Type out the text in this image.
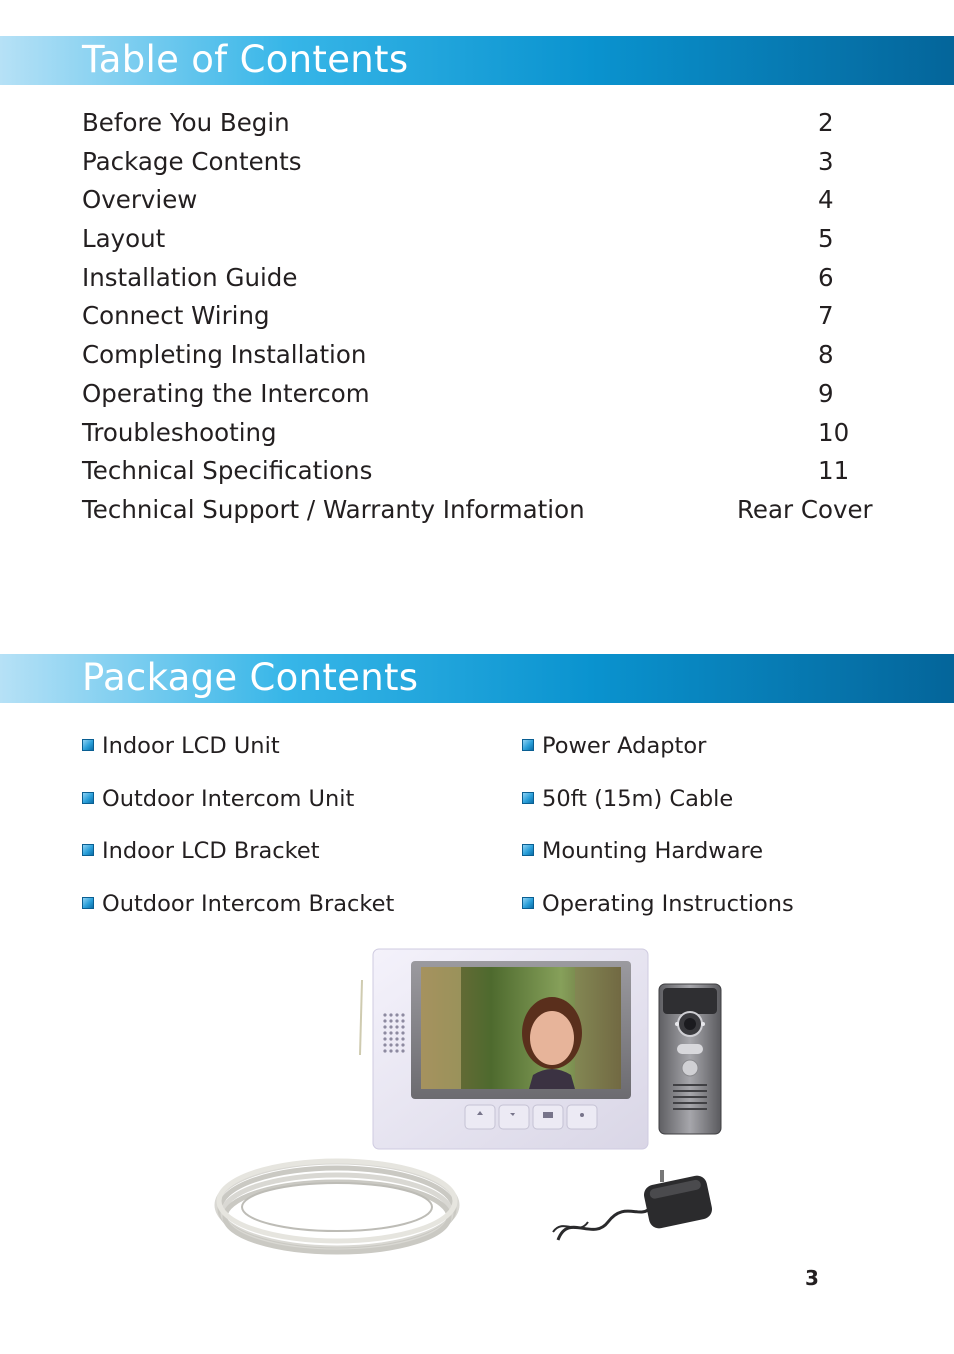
Table of Contents
Before You Begin	2
Package Contents	3
Overview	4
Layout	5
Installation Guide	6
Connect Wiring	7
Completing Installation	8
Operating the Intercom	9
Troubleshooting	10
Technical Specifications	11
Technical Support / Warranty Information	Rear Cover
Package Contents
Indoor LCD Unit
Outdoor Intercom Unit
Indoor LCD Bracket
Outdoor Intercom Bracket
Power Adaptor
50ft (15m) Cable
Mounting Hardware
Operating Instructions
3
